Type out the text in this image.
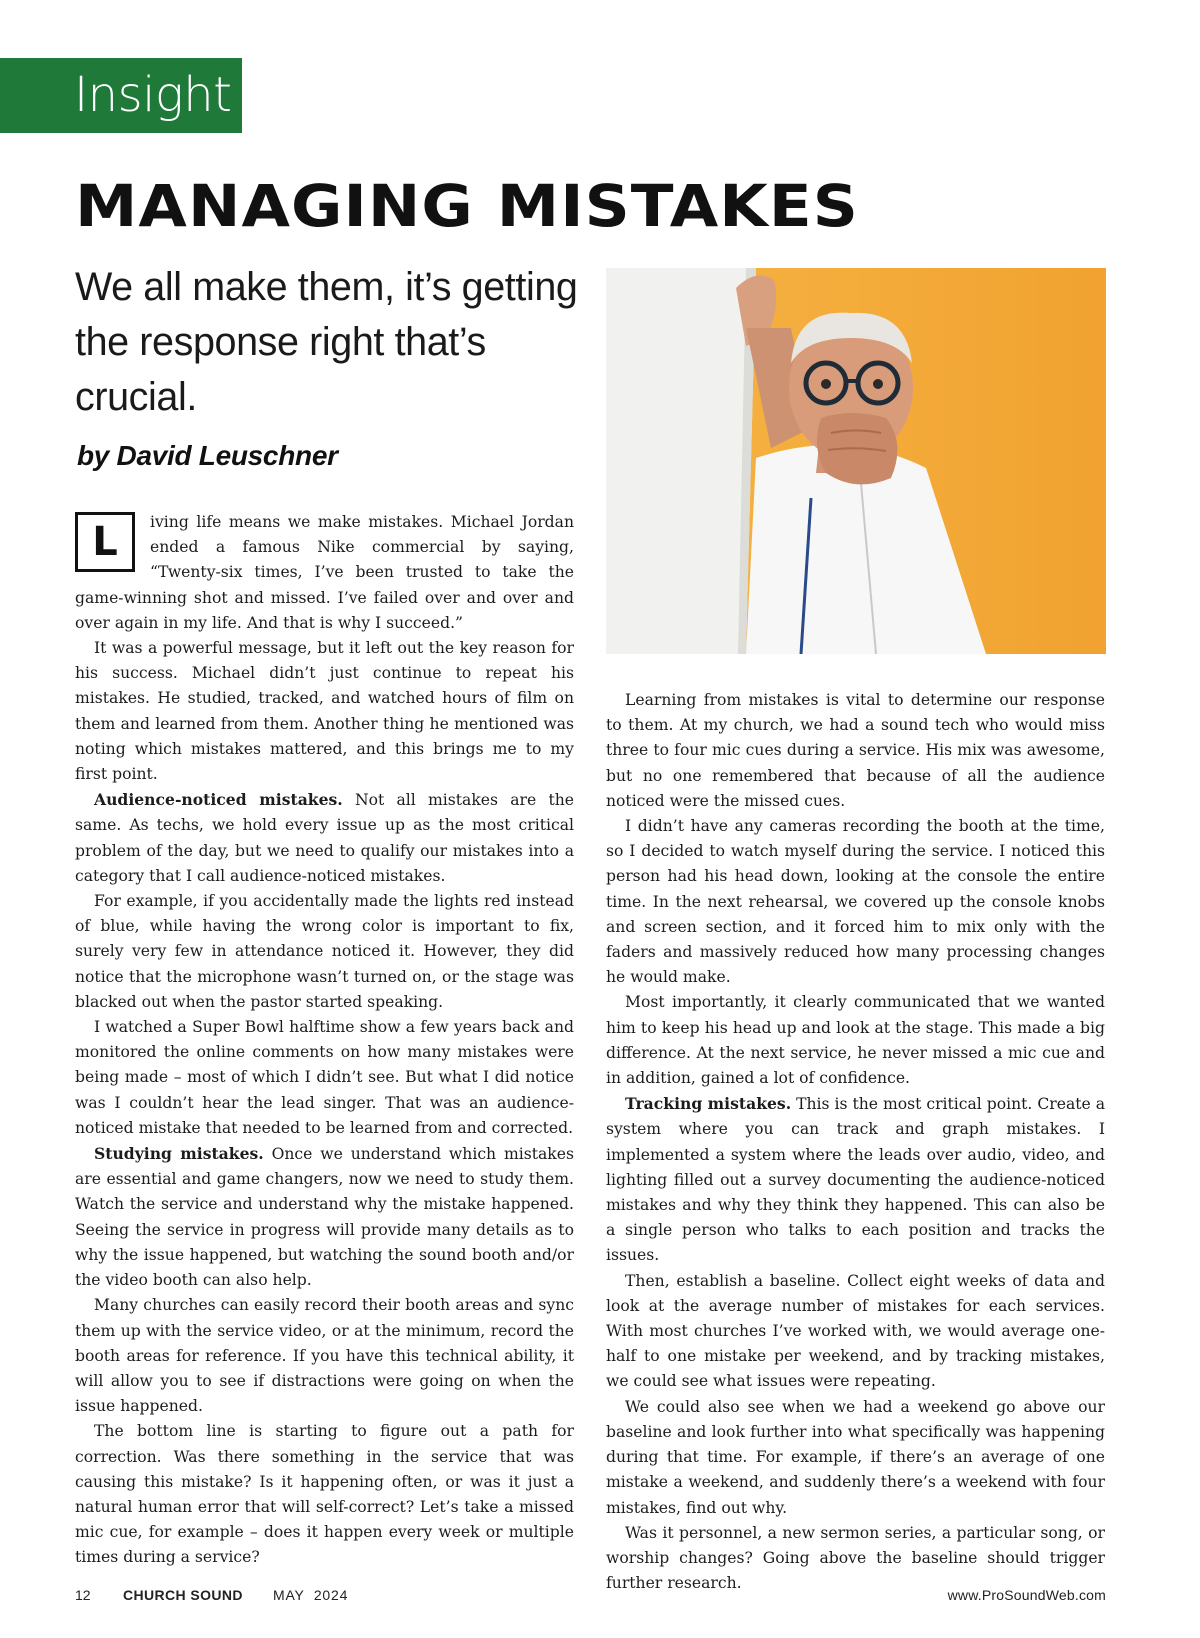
Insight
MANAGING MISTAKES
We all make them, it’s getting the response right that’s crucial.
by David Leuschner

L	iving life means we make mistakes. Michael Jordan ended a famous Nike commercial by saying, “Twenty-six times, I’ve been trusted to take the game-winning shot and missed. I’ve failed over and over and over again in my life. And that is why I succeed.”

It was a powerful message, but it left out the key reason for his success. Michael didn’t just continue to repeat his mistakes. He studied, tracked, and watched hours of film on them and learned from them. Another thing he mentioned was noting which mistakes mattered, and this brings me to my first point.

Audience-noticed mistakes. Not all mistakes are the same. As techs, we hold every issue up as the most critical problem of the day, but we need to qualify our mistakes into a category that I call audience-noticed mistakes.

For example, if you accidentally made the lights red instead of blue, while having the wrong color is important to fix, surely very few in attendance noticed it. However, they did notice that the microphone wasn’t turned on, or the stage was blacked out when the pastor started speaking.

I watched a Super Bowl halftime show a few years back and monitored the online comments on how many mistakes were being made – most of which I didn’t see. But what I did notice was I couldn’t hear the lead singer. That was an audience-noticed mistake that needed to be learned from and corrected.

Studying mistakes. Once we understand which mistakes are essential and game changers, now we need to study them. Watch the service and understand why the mistake happened. Seeing the service in progress will provide many details as to why the issue happened, but watching the sound booth and/or the video booth can also help.

Many churches can easily record their booth areas and sync them up with the service video, or at the minimum, record the booth areas for reference. If you have this technical ability, it will allow you to see if distractions were going on when the issue happened.

The bottom line is starting to figure out a path for correction. Was there something in the service that was causing this mistake? Is it happening often, or was it just a natural human error that will self-correct? Let’s take a missed mic cue, for example – does it happen every week or multiple times during a service?

Learning from mistakes is vital to determine our response to them. At my church, we had a sound tech who would miss three to four mic cues during a service. His mix was awesome, but no one remembered that because of all the audience noticed were the missed cues.

I didn’t have any cameras recording the booth at the time, so I decided to watch myself during the service. I noticed this person had his head down, looking at the console the entire time. In the next rehearsal, we covered up the console knobs and screen section, and it forced him to mix only with the faders and massively reduced how many processing changes he would make.

Most importantly, it clearly communicated that we wanted him to keep his head up and look at the stage. This made a big difference. At the next service, he never missed a mic cue and in addition, gained a lot of confidence.

Tracking mistakes. This is the most critical point. Create a system where you can track and graph mistakes. I implemented a system where the leads over audio, video, and lighting filled out a survey documenting the audience-noticed mistakes and why they think they happened. This can also be a single person who talks to each position and tracks the issues.

Then, establish a baseline. Collect eight weeks of data and look at the average number of mistakes for each services. With most churches I’ve worked with, we would average one-half to one mistake per weekend, and by tracking mistakes, we could see what issues were repeating.

We could also see when we had a weekend go above our baseline and look further into what specifically was happening during that time. For example, if there’s an average of one mistake a weekend, and suddenly there’s a weekend with four mistakes, find out why.

Was it personnel, a new sermon series, a particular song, or worship changes? Going above the baseline should trigger further research.

12 CHURCH SOUND MAY  2024	www.ProSoundWeb.com
